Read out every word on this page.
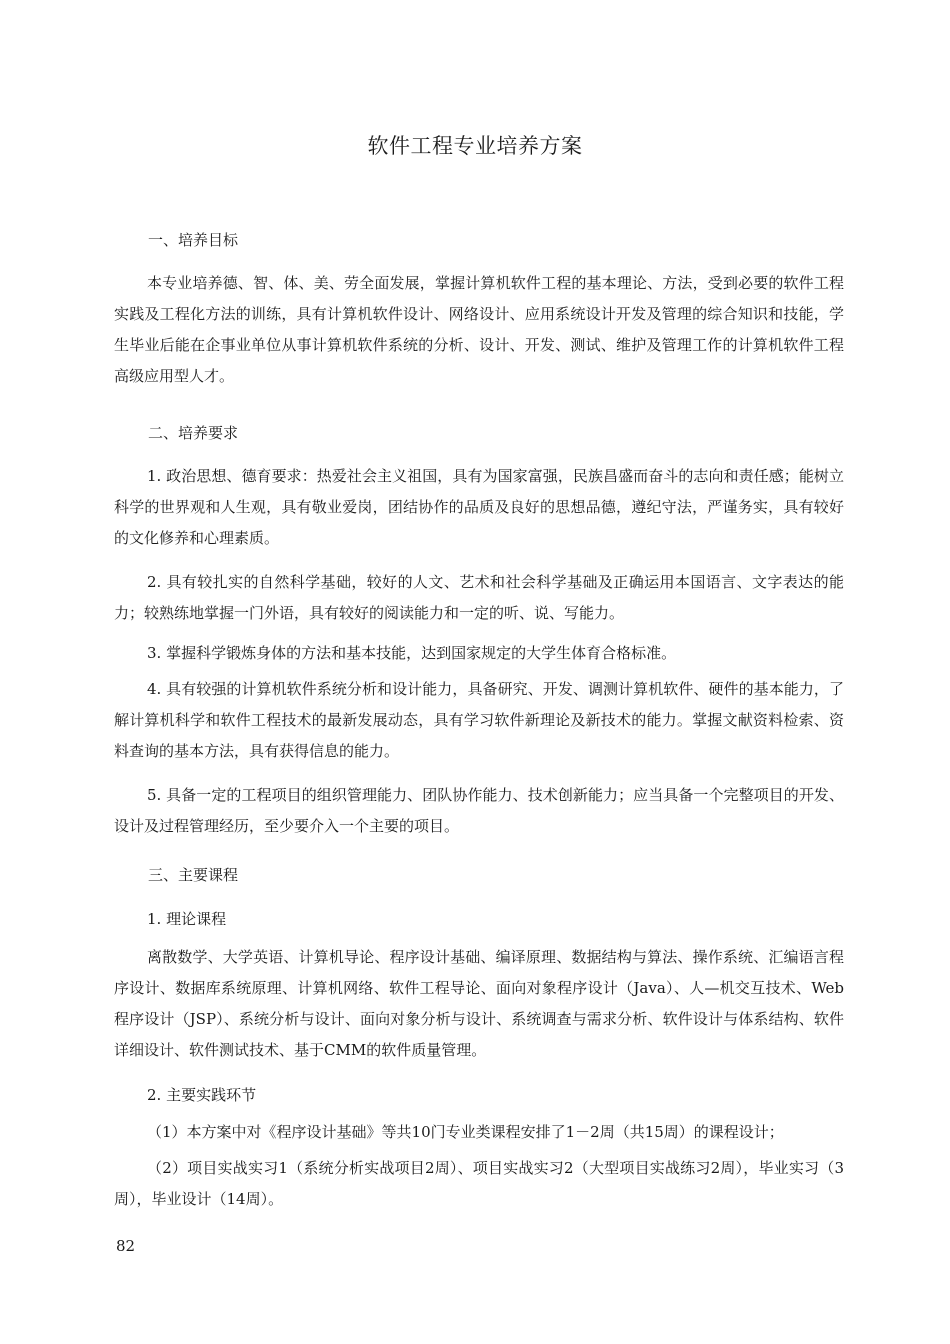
软件工程专业培养方案
一、培养目标

本专业培养德、智、体、美、劳全面发展，掌握计算机软件工程的基本理论、方法，受到必要的软件工程实践及工程化方法的训练，具有计算机软件设计、网络设计、应用系统设计开发及管理的综合知识和技能，学生毕业后能在企事业单位从事计算机软件系统的分析、设计、开发、测试、维护及管理工作的计算机软件工程高级应用型人才。

二、培养要求

1. 政治思想、德育要求：热爱社会主义祖国，具有为国家富强，民族昌盛而奋斗的志向和责任感；能树立科学的世界观和人生观，具有敬业爱岗，团结协作的品质及良好的思想品德，遵纪守法，严谨务实，具有较好的文化修养和心理素质。

2. 具有较扎实的自然科学基础，较好的人文、艺术和社会科学基础及正确运用本国语言、文字表达的能力；较熟练地掌握一门外语，具有较好的阅读能力和一定的听、说、写能力。

3. 掌握科学锻炼身体的方法和基本技能，达到国家规定的大学生体育合格标准。

4. 具有较强的计算机软件系统分析和设计能力，具备研究、开发、调测计算机软件、硬件的基本能力，了解计算机科学和软件工程技术的最新发展动态，具有学习软件新理论及新技术的能力。掌握文献资料检索、资料查询的基本方法，具有获得信息的能力。

5. 具备一定的工程项目的组织管理能力、团队协作能力、技术创新能力；应当具备一个完整项目的开发、设计及过程管理经历，至少要介入一个主要的项目。

三、主要课程

1. 理论课程

离散数学、大学英语、计算机导论、程序设计基础、编译原理、数据结构与算法、操作系统、汇编语言程序设计、数据库系统原理、计算机网络、软件工程导论、面向对象程序设计（Java）、人—机交互技术、Web程序设计（JSP）、系统分析与设计、面向对象分析与设计、系统调查与需求分析、软件设计与体系结构、软件详细设计、软件测试技术、基于CMM的软件质量管理。

2. 主要实践环节

（1）本方案中对《程序设计基础》等共10门专业类课程安排了1－2周（共15周）的课程设计；

（2）项目实战实习1（系统分析实战项目2周）、项目实战实习2（大型项目实战练习2周），毕业实习（3周），毕业设计（14周）。

82
